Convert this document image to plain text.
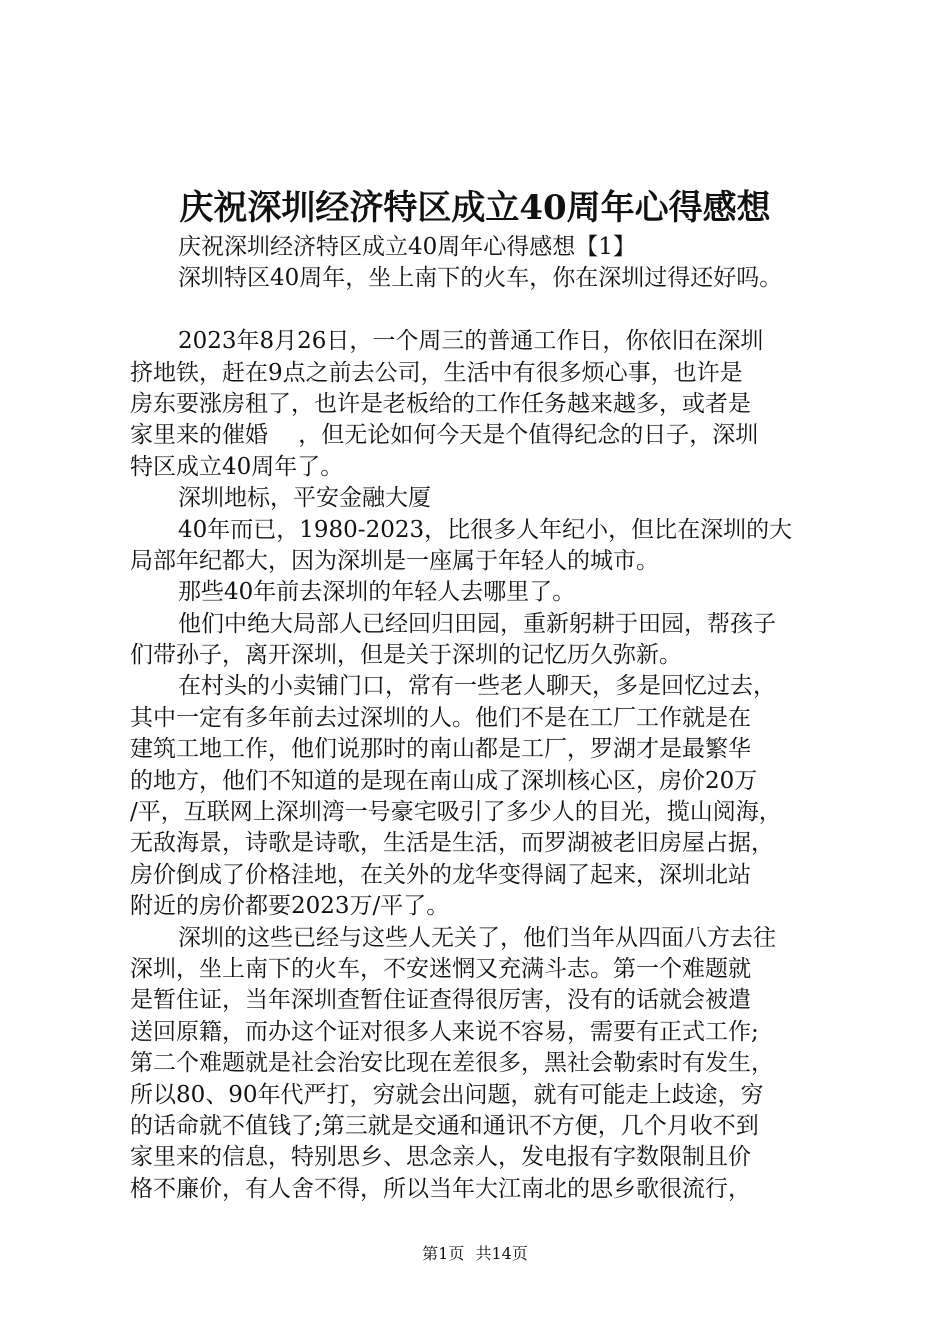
庆祝深圳经济特区成立40周年心得感想
庆祝深圳经济特区成立40周年心得感想【1】
深圳特区40周年，坐上南下的火车，你在深圳过得还好吗。
2023年8月26日，一个周三的普通工作日，你依旧在深圳
挤地铁，赶在9点之前去公司，生活中有很多烦心事，也许是
房东要涨房租了，也许是老板给的工作任务越来越多，或者是
家里来的催婚　 ，但无论如何今天是个值得纪念的日子，深圳
特区成立40周年了。
深圳地标，平安金融大厦
40年而已，1980-2023，比很多人年纪小，但比在深圳的大
局部年纪都大，因为深圳是一座属于年轻人的城市。
那些40年前去深圳的年轻人去哪里了。
他们中绝大局部人已经回归田园，重新躬耕于田园，帮孩子
们带孙子，离开深圳，但是关于深圳的记忆历久弥新。
在村头的小卖铺门口，常有一些老人聊天，多是回忆过去，
其中一定有多年前去过深圳的人。他们不是在工厂工作就是在
建筑工地工作，他们说那时的南山都是工厂，罗湖才是最繁华
的地方，他们不知道的是现在南山成了深圳核心区，房价20万
/平，互联网上深圳湾一号豪宅吸引了多少人的目光，揽山阅海，
无敌海景，诗歌是诗歌，生活是生活，而罗湖被老旧房屋占据，
房价倒成了价格洼地，在关外的龙华变得阔了起来，深圳北站
附近的房价都要2023万/平了。
深圳的这些已经与这些人无关了，他们当年从四面八方去往
深圳，坐上南下的火车，不安迷惘又充满斗志。第一个难题就
是暂住证，当年深圳查暂住证查得很厉害，没有的话就会被遣
送回原籍，而办这个证对很多人来说不容易，需要有正式工作;
第二个难题就是社会治安比现在差很多，黑社会勒索时有发生，
所以80、90年代严打，穷就会出问题，就有可能走上歧途，穷
的话命就不值钱了;第三就是交通和通讯不方便，几个月收不到
家里来的信息，特别思乡、思念亲人，发电报有字数限制且价
格不廉价，有人舍不得，所以当年大江南北的思乡歌很流行，
第1页 共14页
